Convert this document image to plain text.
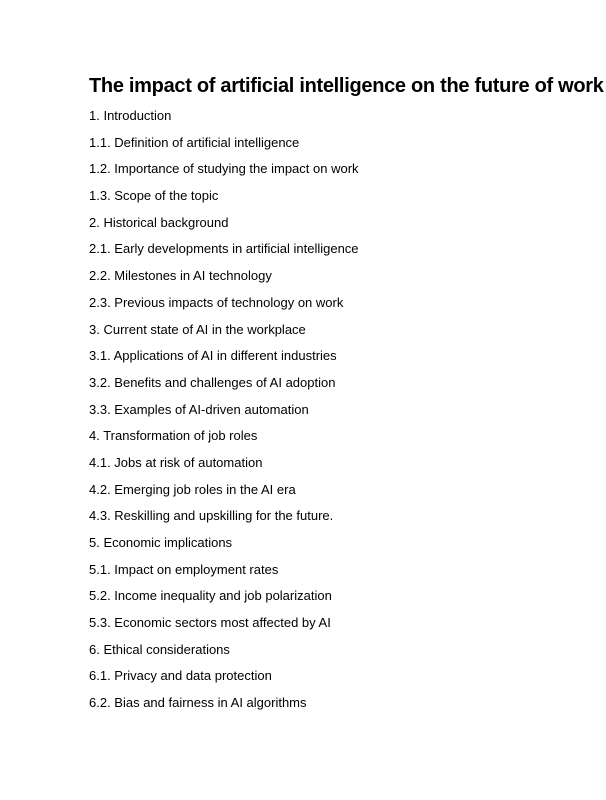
The impact of artificial intelligence on the future of work
1. Introduction
1.1. Definition of artificial intelligence
1.2. Importance of studying the impact on work
1.3. Scope of the topic
2. Historical background
2.1. Early developments in artificial intelligence
2.2. Milestones in AI technology
2.3. Previous impacts of technology on work
3. Current state of AI in the workplace
3.1. Applications of AI in different industries
3.2. Benefits and challenges of AI adoption
3.3. Examples of AI-driven automation
4. Transformation of job roles
4.1. Jobs at risk of automation
4.2. Emerging job roles in the AI era
4.3. Reskilling and upskilling for the future.
5. Economic implications
5.1. Impact on employment rates
5.2. Income inequality and job polarization
5.3. Economic sectors most affected by AI
6. Ethical considerations
6.1. Privacy and data protection
6.2. Bias and fairness in AI algorithms
